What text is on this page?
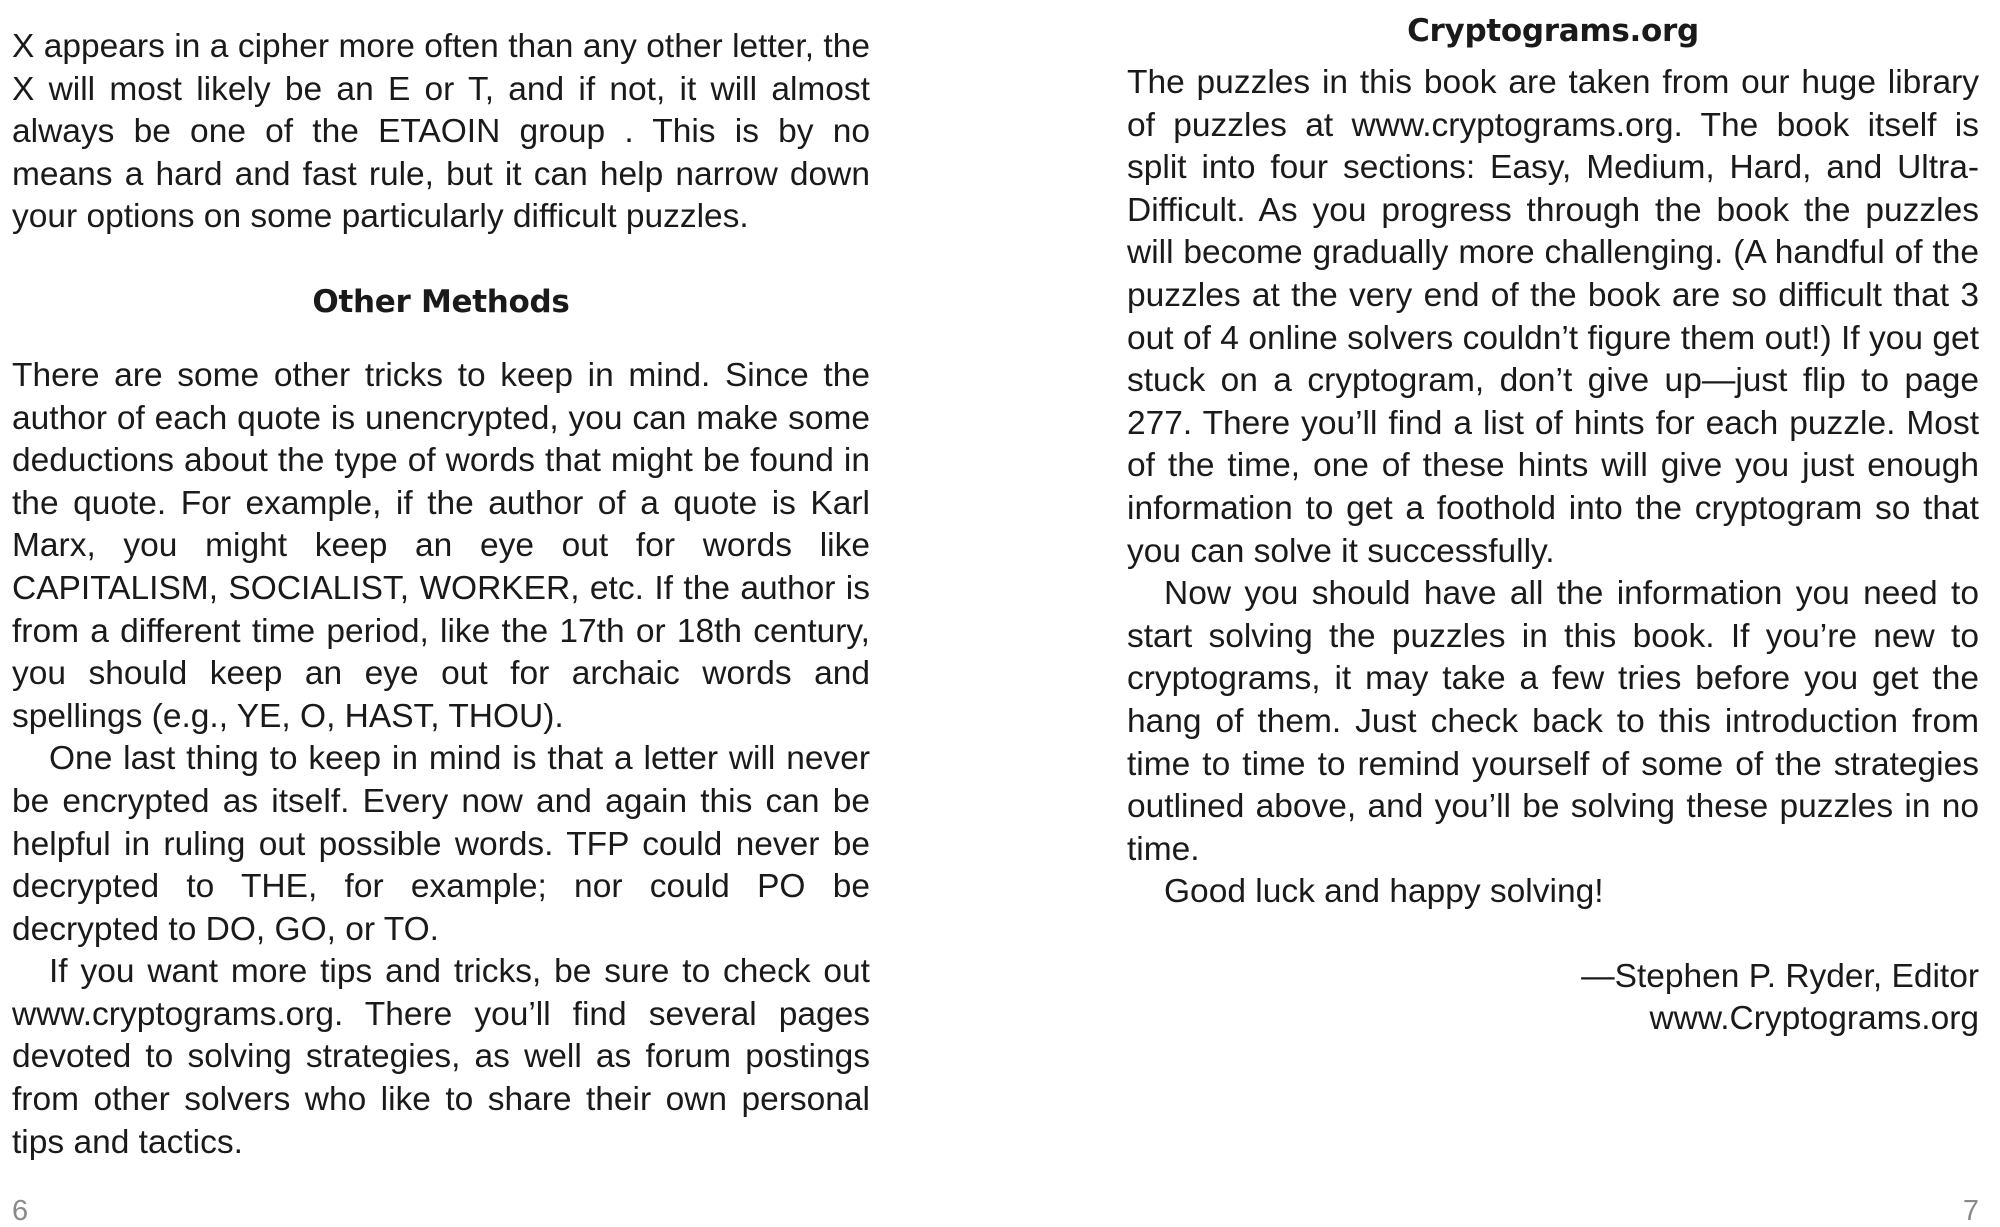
X appears in a cipher more often than any other letter, the X will most likely be an E or T, and if not, it will almost always be one of the ETAOIN group . This is by no means a hard and fast rule, but it can help narrow down your options on some particularly difficult puzzles.

Other Methods

There are some other tricks to keep in mind. Since the author of each quote is unencrypted, you can make some deductions about the type of words that might be found in the quote. For example, if the author of a quote is Karl Marx, you might keep an eye out for words like CAPITALISM, SOCIALIST, WORKER, etc. If the author is from a different time period, like the 17th or 18th century, you should keep an eye out for archaic words and spellings (e.g., YE, O, HAST, THOU).

One last thing to keep in mind is that a letter will never be encrypted as itself. Every now and again this can be helpful in ruling out possible words. TFP could never be decrypted to THE, for example; nor could PO be decrypted to DO, GO, or TO.

If you want more tips and tricks, be sure to check out www.cryptograms.org. There you’ll find several pages devoted to solving strategies, as well as forum postings from other solvers who like to share their own personal tips and tactics.

6
Cryptograms.org

The puzzles in this book are taken from our huge library of puzzles at www.cryptograms.org. The book itself is split into four sections: Easy, Medium, Hard, and Ultra-Difficult. As you progress through the book the puzzles will become gradually more challenging. (A handful of the puzzles at the very end of the book are so difficult that 3 out of 4 online solvers couldn’t figure them out!) If you get stuck on a cryptogram, don’t give up—just flip to page 277. There you’ll find a list of hints for each puzzle. Most of the time, one of these hints will give you just enough information to get a foothold into the cryptogram so that you can solve it successfully.

Now you should have all the information you need to start solving the puzzles in this book. If you’re new to cryptograms, it may take a few tries before you get the hang of them. Just check back to this introduction from time to time to remind yourself of some of the strategies outlined above, and you’ll be solving these puzzles in no time.

Good luck and happy solving!

—Stephen P. Ryder, Editor
www.Cryptograms.org
7
